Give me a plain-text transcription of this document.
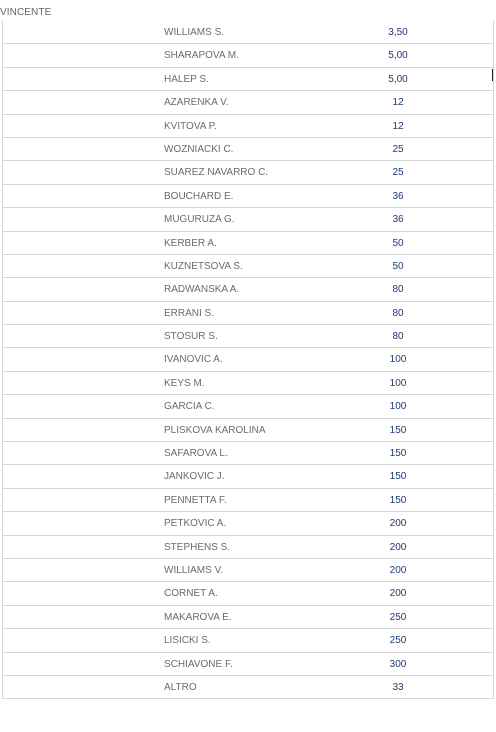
VINCENTE
WILLIAMS S.	3,50
SHARAPOVA M.	5,00
HALEP S.	5,00
AZARENKA V.	12
KVITOVA P.	12
WOZNIACKI C.	25
SUAREZ NAVARRO C.	25
BOUCHARD E.	36
MUGURUZA G.	36
KERBER A.	50
KUZNETSOVA S.	50
RADWANSKA A.	80
ERRANI S.	80
STOSUR S.	80
IVANOVIC A.	100
KEYS M.	100
GARCIA C.	100
PLISKOVA KAROLINA	150
SAFAROVA L.	150
JANKOVIC J.	150
PENNETTA F.	150
PETKOVIC A.	200
STEPHENS S.	200
WILLIAMS V.	200
CORNET A.	200
MAKAROVA E.	250
LISICKI S.	250
SCHIAVONE F.	300
ALTRO	33
